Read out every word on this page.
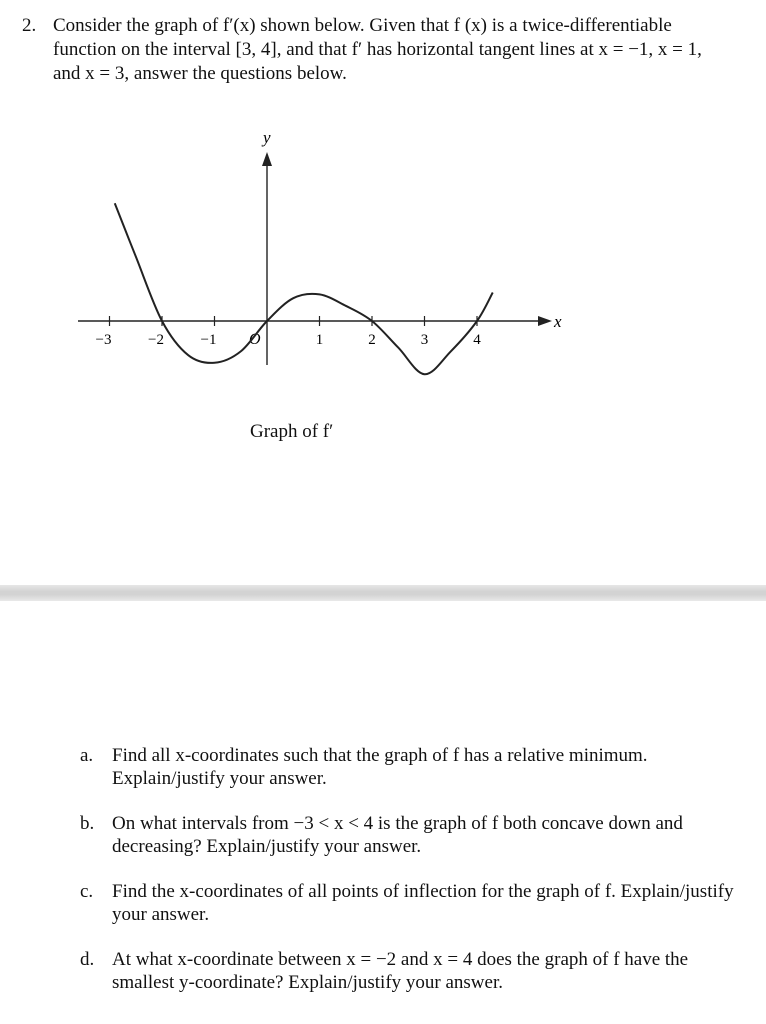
2. Consider the graph of f′(x) shown below. Given that f (x) is a twice-differentiable function on the interval [3, 4], and that f′ has horizontal tangent lines at x = −1, x = 1, and x = 3, answer the questions below.
x
y
O
−3 −2 −1	1	2	3	4
Graph of f′
a. Find all x-coordinates such that the graph of f has a relative minimum. Explain/justify your answer.
b. On what intervals from −3 < x < 4 is the graph of f both concave down and decreasing? Explain/justify your answer.
c. Find the x-coordinates of all points of inflection for the graph of f. Explain/justify your answer.
d. At what x-coordinate between x = −2 and x = 4 does the graph of f have the smallest y-coordinate? Explain/justify your answer.
